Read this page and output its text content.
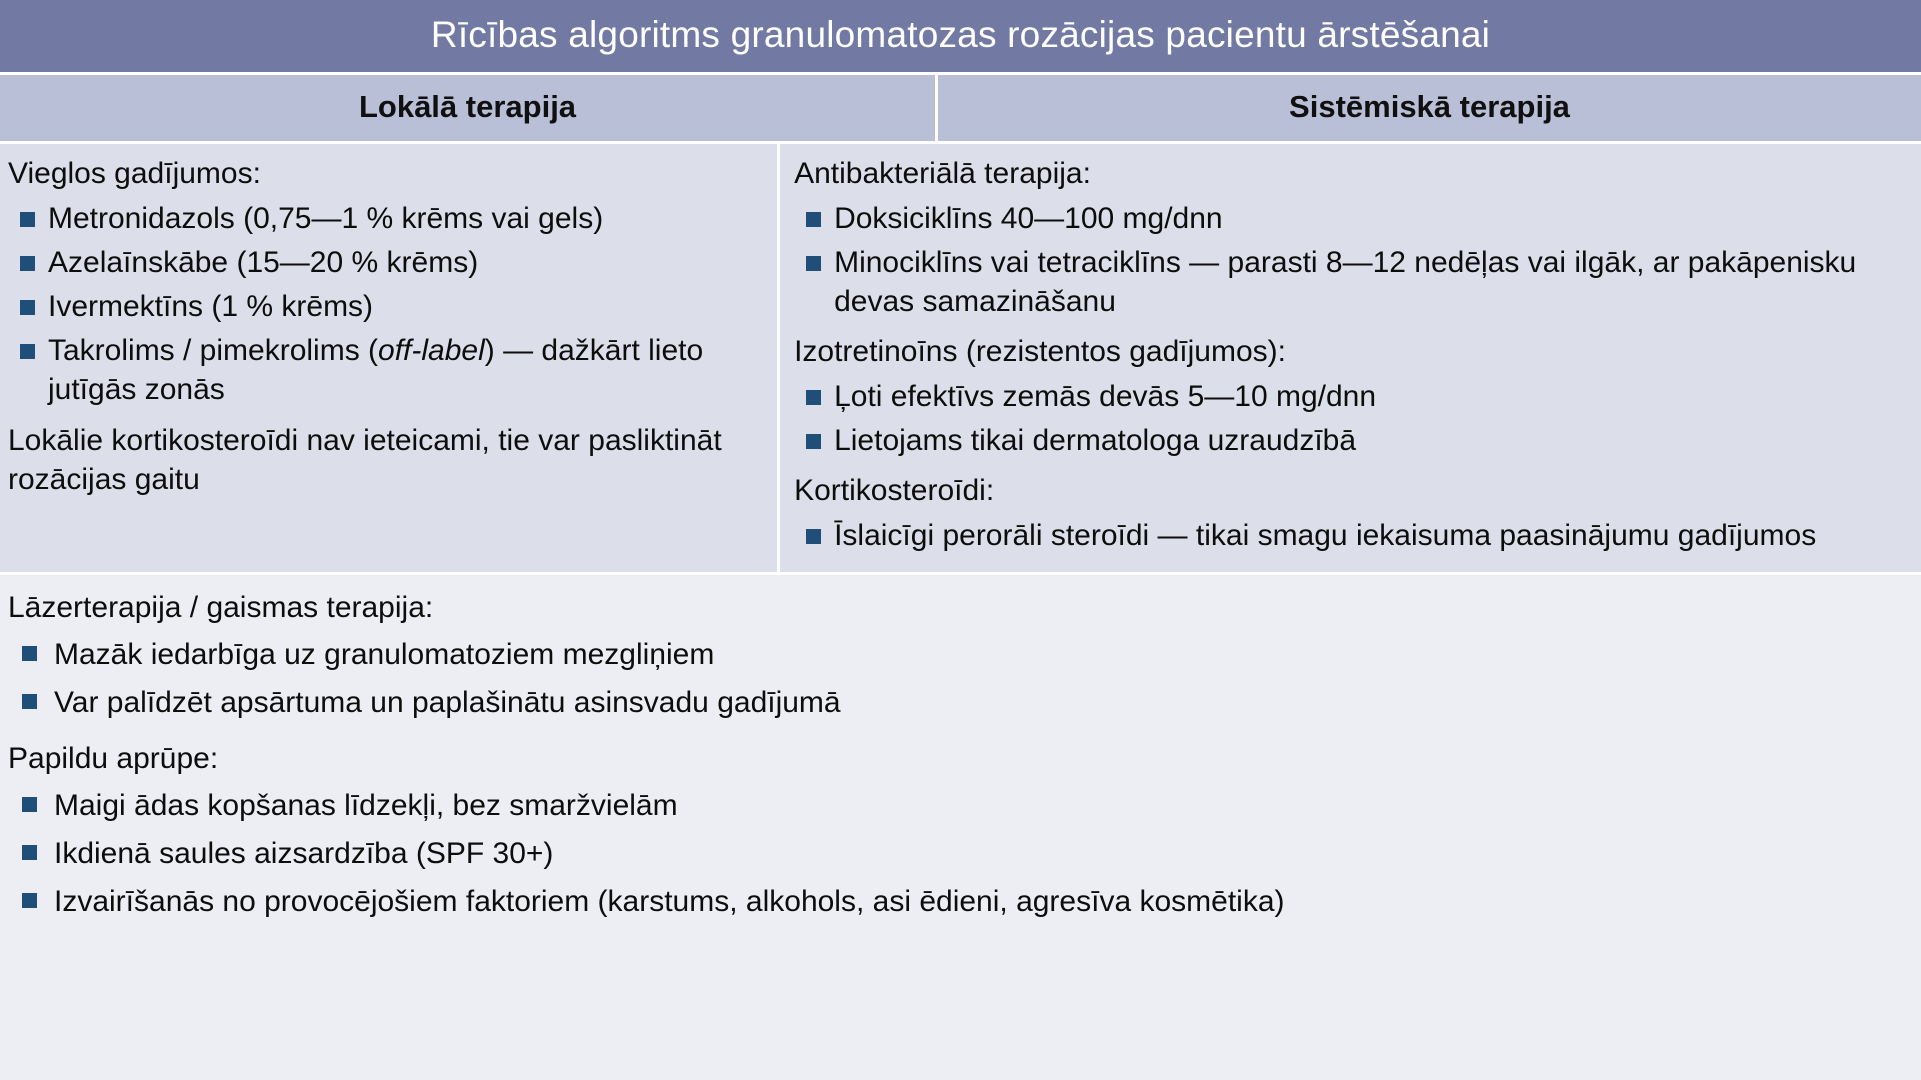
Rīcības algoritms granulomatozas rozācijas pacientu ārstēšanai
Lokālā terapija	Sistēmiskā terapija
Vieglos gadījumos:
Metronidazols (0,75—1 % krēms vai gels)
Azelaīnskābe (15—20 % krēms)
Ivermektīns (1 % krēms)
Takrolims / pimekrolims (off-label) — dažkārt lieto jutīgās zonās
Lokālie kortikosteroīdi nav ieteicami, tie var pasliktināt rozācijas gaitu
Antibakteriālā terapija:
Doksiciklīns 40—100 mg/dnn
Minociklīns vai tetraciklīns — parasti 8—12 nedēļas vai ilgāk, ar pakāpenisku devas samazināšanu
Izotretinoīns (rezistentos gadījumos):
Ļoti efektīvs zemās devās 5—10 mg/dnn
Lietojams tikai dermatologa uzraudzībā
Kortikosteroīdi:
Īslaicīgi perorāli steroīdi — tikai smagu iekaisuma paasinājumu gadījumos
Lāzerterapija / gaismas terapija:
Mazāk iedarbīga uz granulomatoziem mezgliņiem
Var palīdzēt apsārtuma un paplašinātu asinsvadu gadījumā
Papildu aprūpe:
Maigi ādas kopšanas līdzekļi, bez smaržvielām
Ikdienā saules aizsardzība (SPF 30+)
Izvairīšanās no provocējošiem faktoriem (karstums, alkohols, asi ēdieni, agresīva kosmētika)
